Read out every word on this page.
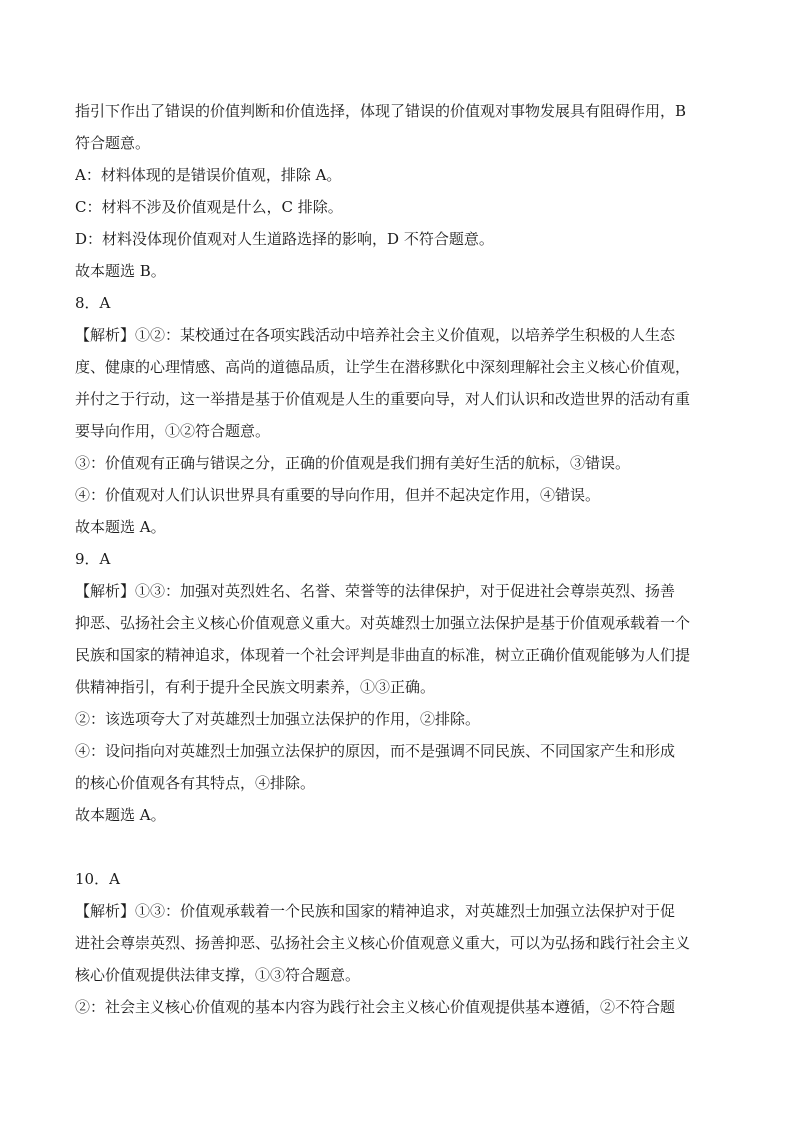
指引下作出了错误的价值判断和价值选择，体现了错误的价值观对事物发展具有阻碍作用，B
符合题意。
A：材料体现的是错误价值观，排除 A。
C：材料不涉及价值观是什么，C 排除。
D：材料没体现价值观对人生道路选择的影响，D 不符合题意。
故本题选 B。
8．A
【解析】①②：某校通过在各项实践活动中培养社会主义价值观，以培养学生积极的人生态
度、健康的心理情感、高尚的道德品质，让学生在潜移默化中深刻理解社会主义核心价值观，
并付之于行动，这一举措是基于价值观是人生的重要向导，对人们认识和改造世界的活动有重
要导向作用，①②符合题意。
③：价值观有正确与错误之分，正确的价值观是我们拥有美好生活的航标，③错误。
④：价值观对人们认识世界具有重要的导向作用，但并不起决定作用，④错误。
故本题选 A。
9．A
【解析】①③：加强对英烈姓名、名誉、荣誉等的法律保护，对于促进社会尊崇英烈、扬善
抑恶、弘扬社会主义核心价值观意义重大。对英雄烈士加强立法保护是基于价值观承载着一个
民族和国家的精神追求，体现着一个社会评判是非曲直的标准，树立正确价值观能够为人们提
供精神指引，有利于提升全民族文明素养，①③正确。
②：该选项夸大了对英雄烈士加强立法保护的作用，②排除。
④：设问指向对英雄烈士加强立法保护的原因，而不是强调不同民族、不同国家产生和形成
的核心价值观各有其特点，④排除。
故本题选 A。
10．A
【解析】①③：价值观承载着一个民族和国家的精神追求，对英雄烈士加强立法保护对于促
进社会尊崇英烈、扬善抑恶、弘扬社会主义核心价值观意义重大，可以为弘扬和践行社会主义
核心价值观提供法律支撑，①③符合题意。
②：社会主义核心价值观的基本内容为践行社会主义核心价值观提供基本遵循，②不符合题
